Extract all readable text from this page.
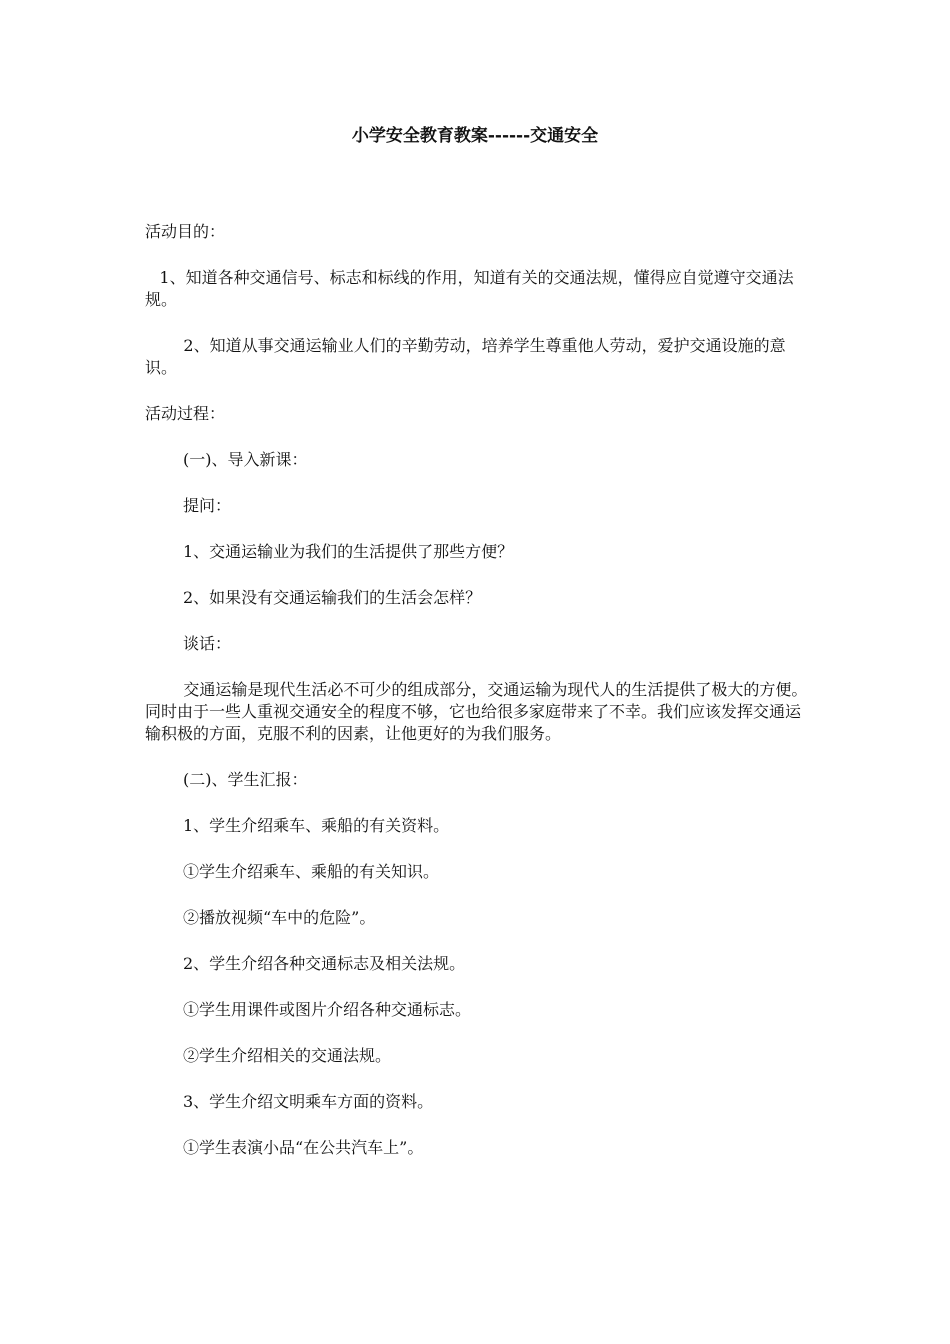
小学安全教育教案------交通安全

活动目的：

1、知道各种交通信号、标志和标线的作用，知道有关的交通法规，懂得应自觉遵守交通法规。

2、知道从事交通运输业人们的辛勤劳动，培养学生尊重他人劳动，爱护交通设施的意识。

活动过程：

(一)、导入新课：

提问：

1、交通运输业为我们的生活提供了那些方便？

2、如果没有交通运输我们的生活会怎样？

谈话：

交通运输是现代生活必不可少的组成部分，交通运输为现代人的生活提供了极大的方便。同时由于一些人重视交通安全的程度不够，它也给很多家庭带来了不幸。我们应该发挥交通运输积极的方面，克服不利的因素，让他更好的为我们服务。

(二)、学生汇报：

1、学生介绍乘车、乘船的有关资料。

①学生介绍乘车、乘船的有关知识。

②播放视频“车中的危险”。

2、学生介绍各种交通标志及相关法规。

①学生用课件或图片介绍各种交通标志。

②学生介绍相关的交通法规。

3、学生介绍文明乘车方面的资料。

①学生表演小品“在公共汽车上”。
